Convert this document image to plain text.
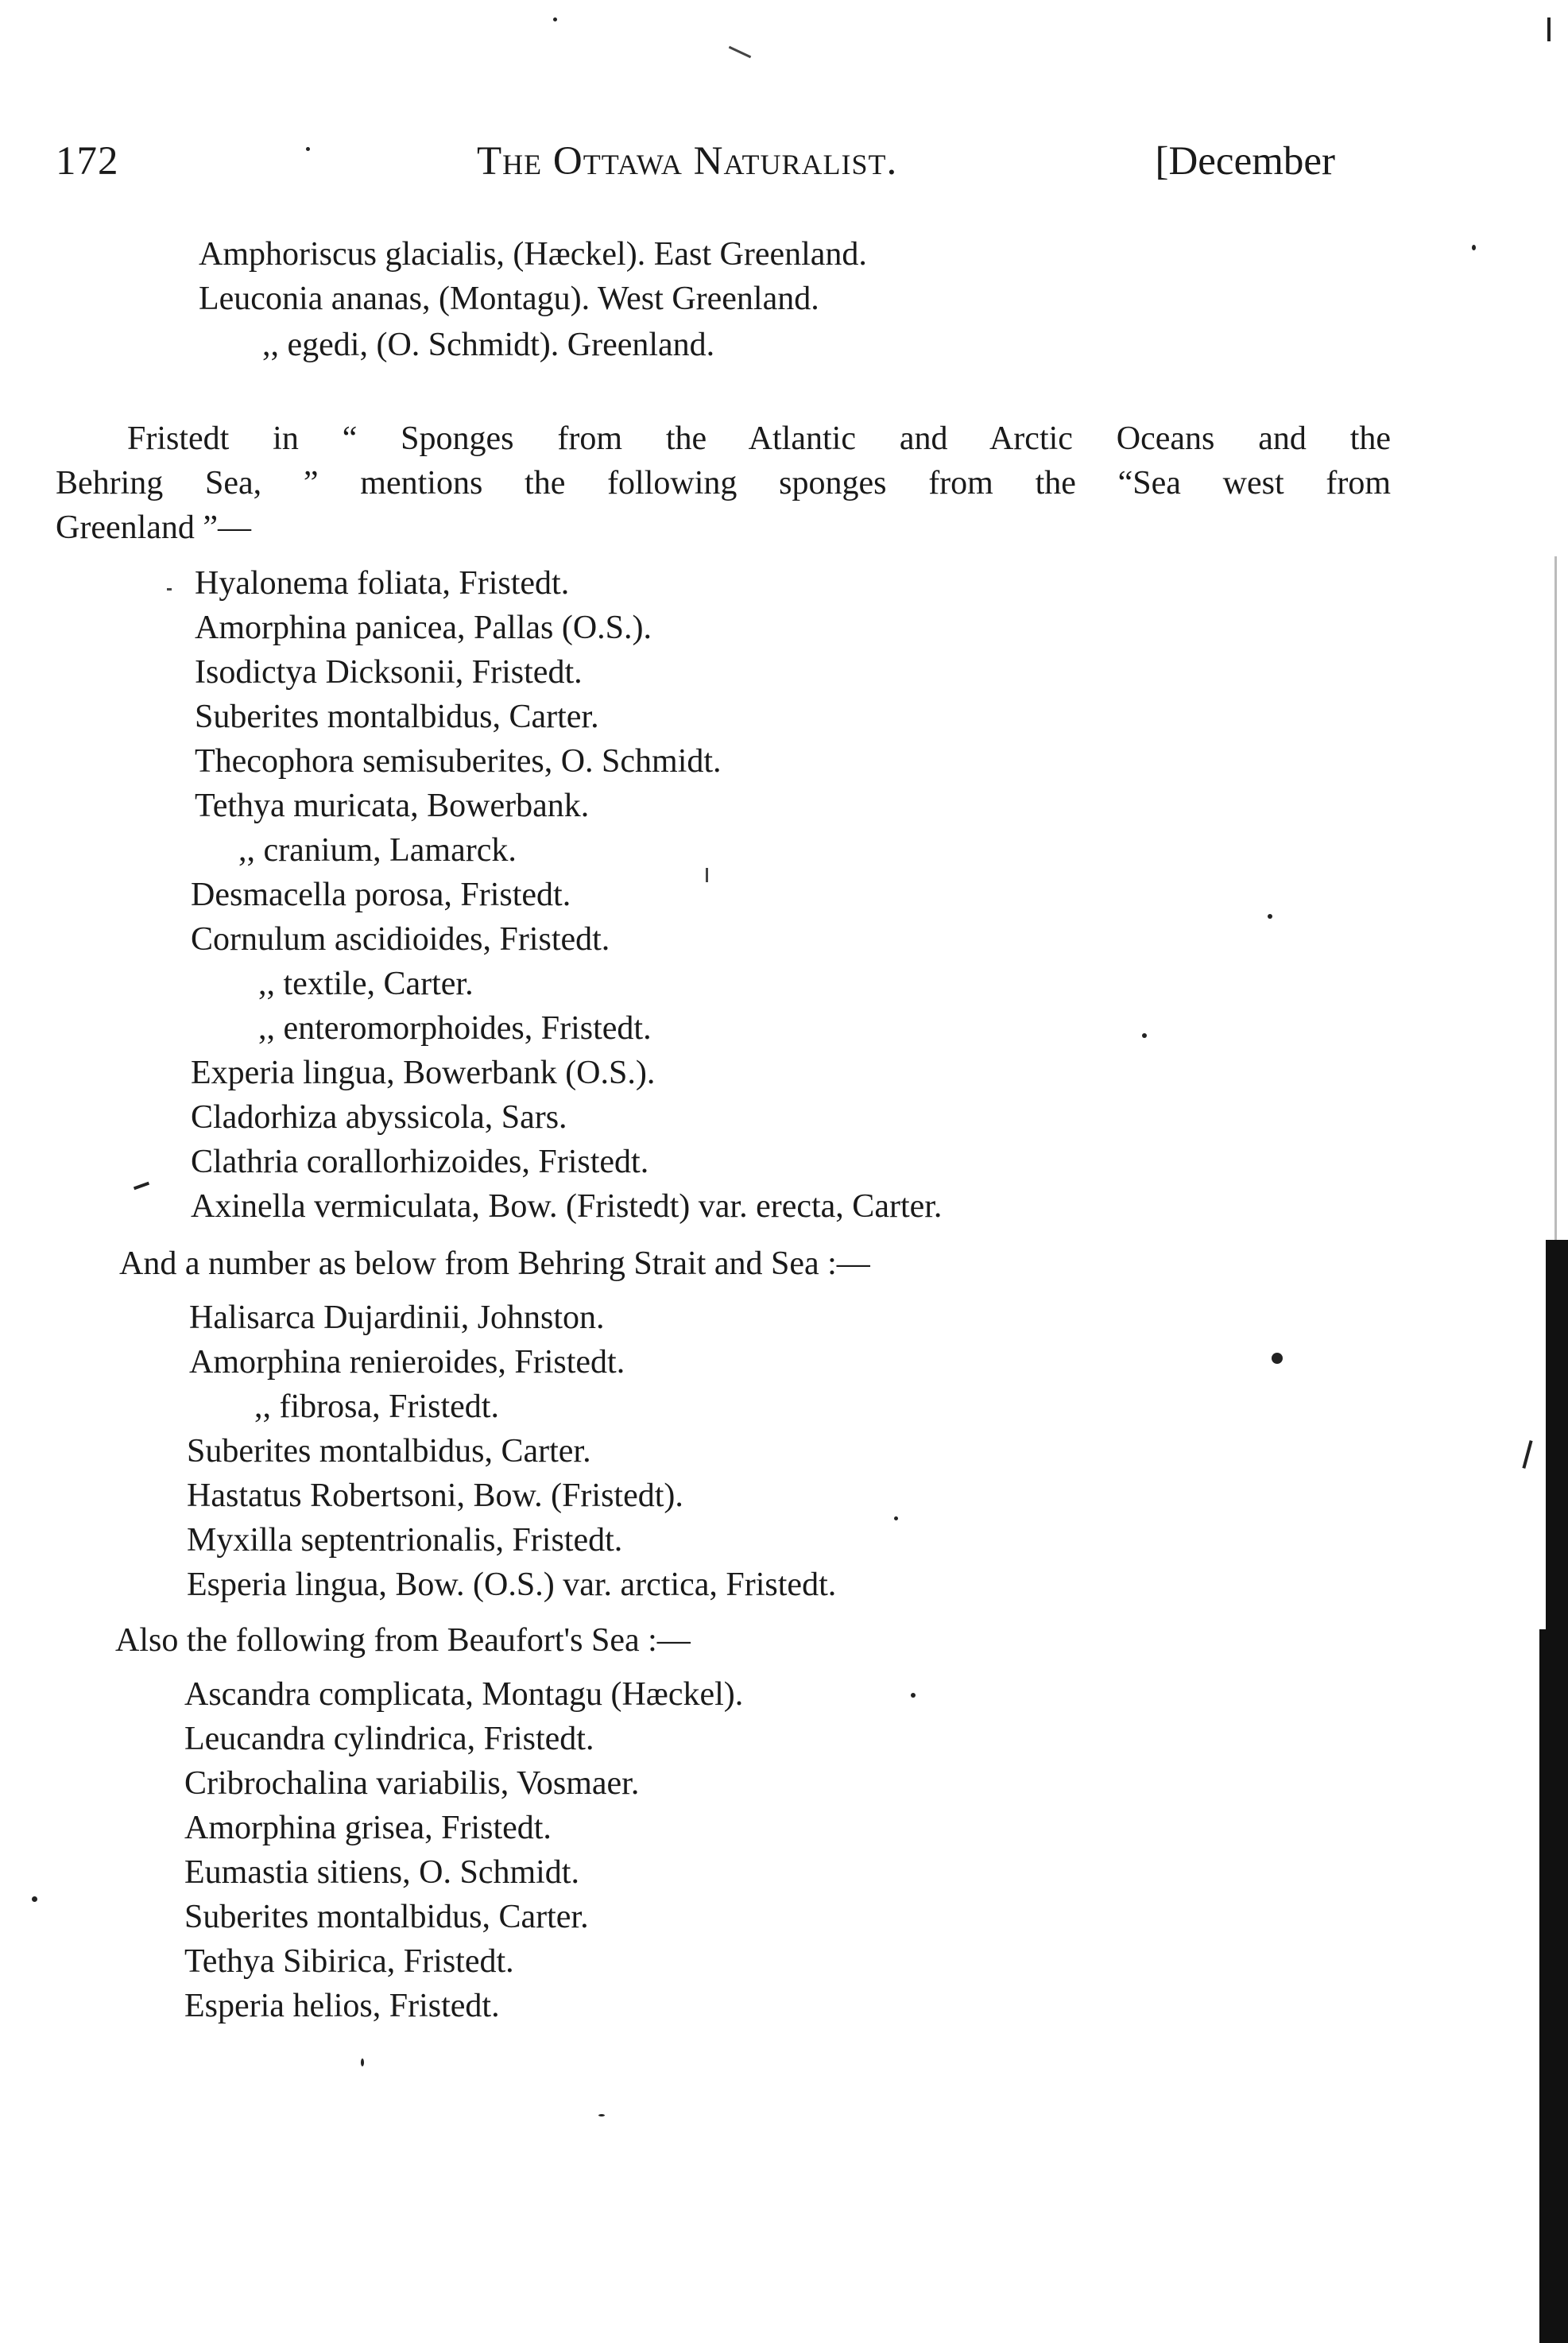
172	The Ottawa Naturalist.	[December
Amphoriscus glacialis, (Hæckel). East Greenland.
Leuconia ananas, (Montagu). West Greenland.
,, egedi, (O. Schmidt). Greenland.
Fristedt in “ Sponges from the Atlantic and Arctic Oceans and the
Behring Sea, ” mentions the following sponges from the “Sea west from
Greenland ”—
Hyalonema foliata, Fristedt.
Amorphina panicea, Pallas (O.S.).
Isodictya Dicksonii, Fristedt.
Suberites montalbidus, Carter.
Thecophora semisuberites, O. Schmidt.
Tethya muricata, Bowerbank.
,, cranium, Lamarck.
Desmacella porosa, Fristedt.
Cornulum ascidioides, Fristedt.
,, textile, Carter.
,, enteromorphoides, Fristedt.
Experia lingua, Bowerbank (O.S.).
Cladorhiza abyssicola, Sars.
Clathria corallorhizoides, Fristedt.
Axinella vermiculata, Bow. (Fristedt) var. erecta, Carter.
And a number as below from Behring Strait and Sea :—
Halisarca Dujardinii, Johnston.
Amorphina renieroides, Fristedt.
,, fibrosa, Fristedt.
Suberites montalbidus, Carter.
Hastatus Robertsoni, Bow. (Fristedt).
Myxilla septentrionalis, Fristedt.
Esperia lingua, Bow. (O.S.) var. arctica, Fristedt.
Also the following from Beaufort's Sea :—
Ascandra complicata, Montagu (Hæckel).
Leucandra cylindrica, Fristedt.
Cribrochalina variabilis, Vosmaer.
Amorphina grisea, Fristedt.
Eumastia sitiens, O. Schmidt.
Suberites montalbidus, Carter.
Tethya Sibirica, Fristedt.
Esperia helios, Fristedt.
